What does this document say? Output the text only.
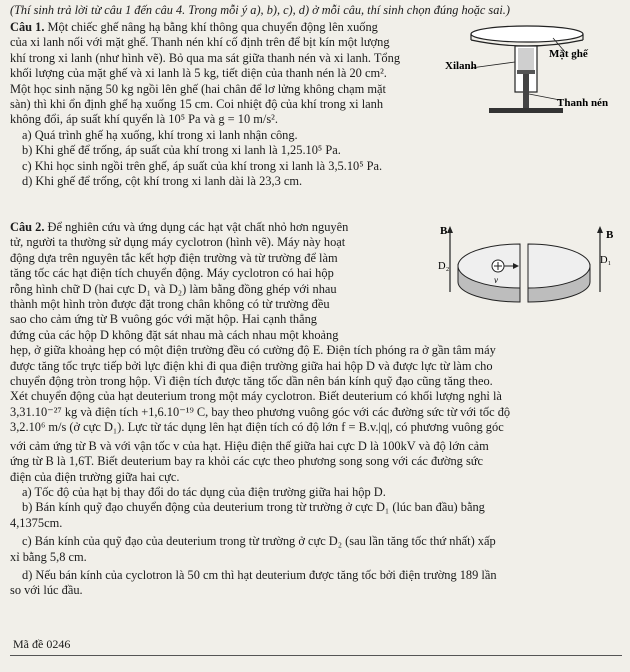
(Thí sinh trả lời từ câu 1 đến câu 4. Trong mỗi ý a), b), c), d) ở mỗi câu, thí sinh chọn đúng hoặc sai.)

Câu 1. Một chiếc ghế nâng hạ bằng khí thông qua chuyển động lên xuống

của xi lanh nối với mặt ghế. Thanh nén khí cố định trên để bịt kín một lượng

khí trong xi lanh (như hình vẽ). Bỏ qua ma sát giữa thanh nén và xi lanh. Tổng

khối lượng của mặt ghế và xi lanh là 5 kg, tiết diện của thanh nén là 20 cm².

Một học sinh nặng 50 kg ngồi lên ghế (hai chân để lơ lửng không chạm mặt

sàn) thì khi ổn định ghế hạ xuống 15 cm. Coi nhiệt độ của khí trong xi lanh

không đổi, áp suất khí quyển là 10⁵ Pa và g = 10 m/s².

a) Quá trình ghế hạ xuống, khí trong xi lanh nhận công.

b) Khi ghế để trống, áp suất của khí trong xi lanh là 1,25.10⁵ Pa.

c) Khi học sinh ngồi trên ghế, áp suất của khí trong xi lanh là 3,5.10⁵ Pa.

d) Khi ghế để trống, cột khí trong xi lanh dài là 23,3 cm.

Mặt ghế
Xilanh
Thanh nén

Câu 2. Để nghiên cứu và ứng dụng các hạt vật chất nhỏ hơn nguyên

tử, người ta thường sử dụng máy cyclotron (hình vẽ). Máy này hoạt

động dựa trên nguyên tắc kết hợp điện trường và từ trường để làm

tăng tốc các hạt điện tích chuyển động. Máy cyclotron có hai hộp

rỗng hình chữ D (hai cực D₁ và D₂) làm bằng đồng ghép với nhau

thành một hình tròn được đặt trong chân không có từ trường đều

sao cho cảm ứng từ B vuông góc với mặt hộp. Hai cạnh thẳng

đứng của các hộp D không đặt sát nhau mà cách nhau một khoảng

hẹp, ở giữa khoảng hẹp có một điện trường đều có cường độ E. Điện tích phóng ra ở gần tâm máy

được tăng tốc trực tiếp bởi lực điện khi đi qua điện trường giữa hai hộp D và được lực từ làm cho

chuyển động tròn trong hộp. Vì điện tích được tăng tốc dần nên bán kính quỹ đạo cũng tăng theo.

Xét chuyển động của hạt deuterium trong một máy cyclotron. Biết deuterium có khối lượng nghỉ là

3,31.10⁻²⁷ kg và điện tích +1,6.10⁻¹⁹ C, bay theo phương vuông góc với các đường sức từ với tốc độ

3,2.10⁶ m/s (ở cực D₁). Lực từ tác dụng lên hạt điện tích có độ lớn f = B.v.|q|, có phương vuông góc

với cảm ứng từ B và với vận tốc v của hạt. Hiệu điện thế giữa hai cực D là 100kV và độ lớn cảm

ứng từ B là 1,6T. Biết deuterium bay ra khỏi các cực theo phương song song với các đường sức

điện của điện trường giữa hai cực.

a) Tốc độ của hạt bị thay đổi do tác dụng của điện trường giữa hai hộp D.

b) Bán kính quỹ đạo chuyển động của deuterium trong từ trường ở cực D₁ (lúc ban đầu) bằng

4,1375cm.

c) Bán kính của quỹ đạo của deuterium trong từ trường ở cực D₂ (sau lần tăng tốc thứ nhất) xấp

xỉ bằng 5,8 cm.

d) Nếu bán kính của cyclotron là 50 cm thì hạt deuterium được tăng tốc bởi điện trường 189 lần

so với lúc đầu.

B	B
v
D₂
D₁
Mã đề 0246
